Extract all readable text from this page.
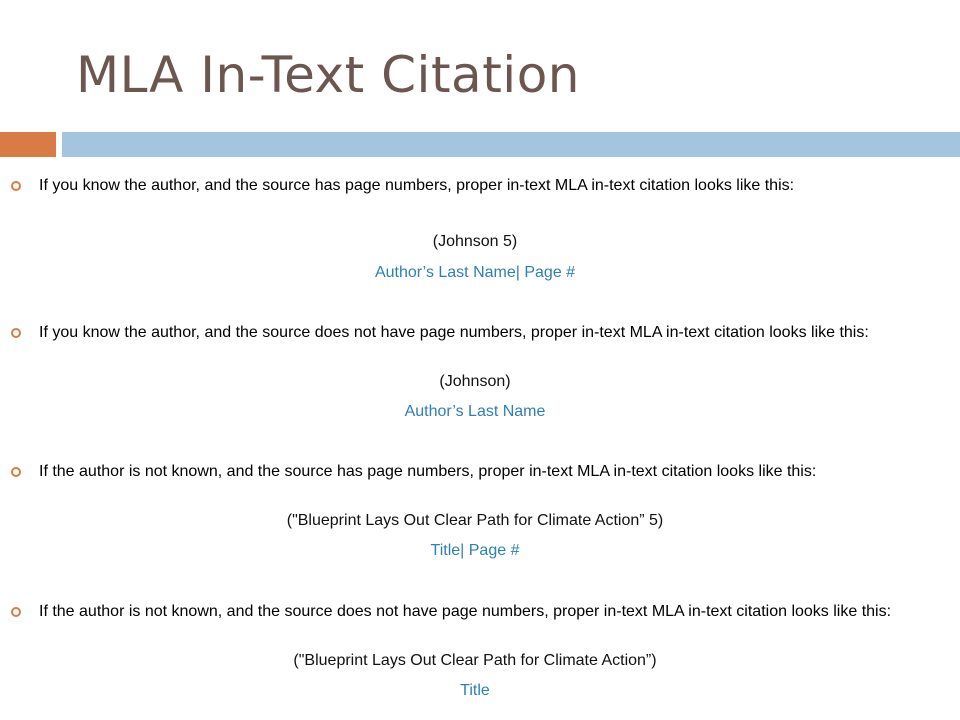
MLA In-Text Citation
If you know the author, and the source has page numbers, proper in-text MLA in-text citation looks like this:
(Johnson 5)
Author’s Last Name| Page #
If you know the author, and the source does not have page numbers, proper in-text MLA in-text citation looks like this:
(Johnson)
Author’s Last Name
If the author is not known, and the source has page numbers, proper in-text MLA in-text citation looks like this:
("Blueprint Lays Out Clear Path for Climate Action” 5)
Title| Page #
If the author is not known, and the source does not have page numbers, proper in-text MLA in-text citation looks like this:
("Blueprint Lays Out Clear Path for Climate Action”)
Title
